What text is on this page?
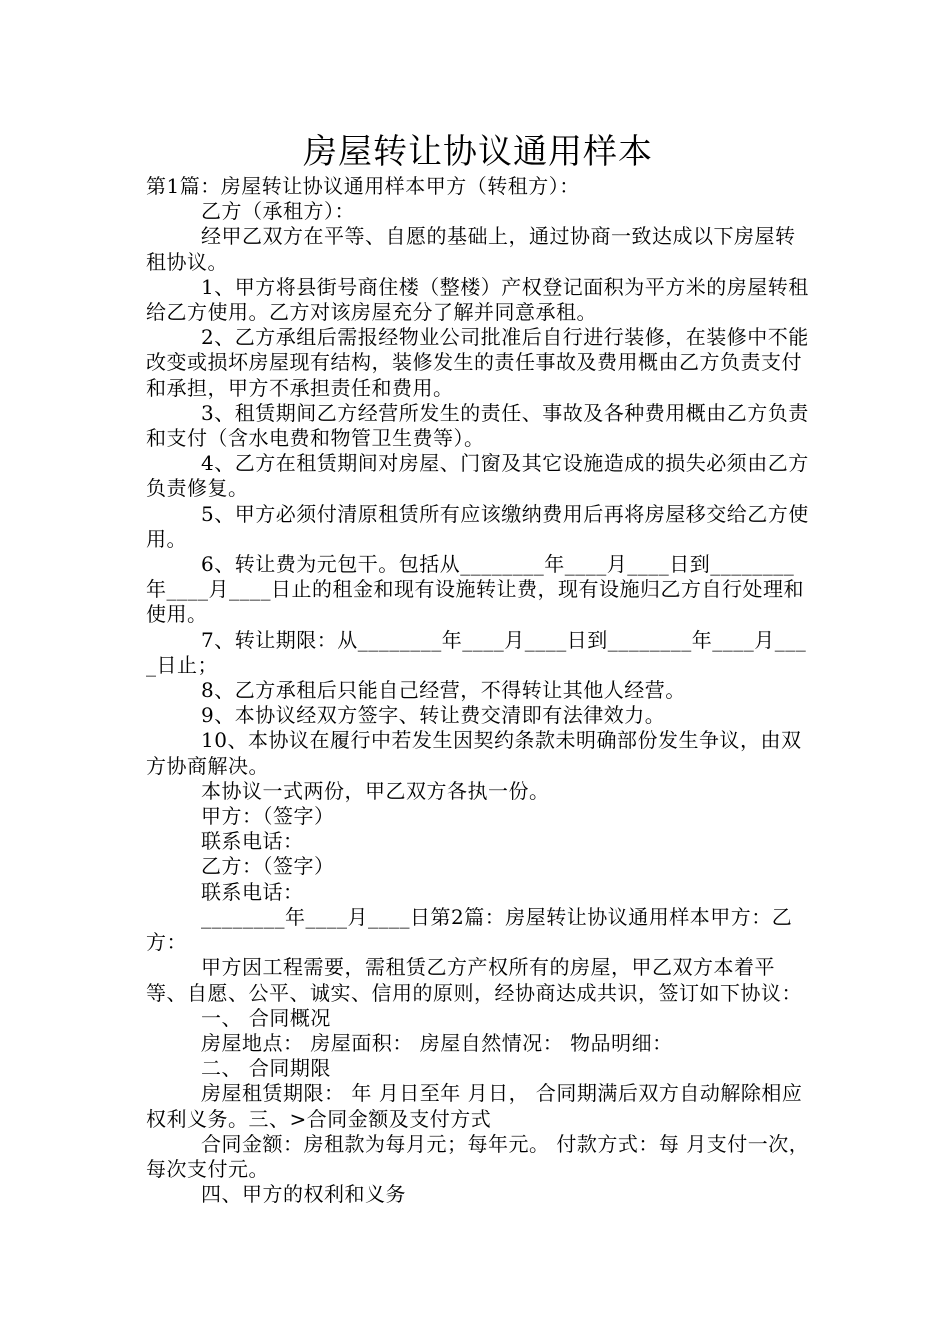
房屋转让协议通用样本

第1篇：房屋转让协议通用样本甲方（转租方）：

乙方（承租方）：

经甲乙双方在平等、自愿的基础上，通过协商一致达成以下房屋转租协议。

1、甲方将县街号商住楼（整楼）产权登记面积为平方米的房屋转租给乙方使用。乙方对该房屋充分了解并同意承租。

2、乙方承组后需报经物业公司批准后自行进行装修，在装修中不能改变或损坏房屋现有结构，装修发生的责任事故及费用概由乙方负责支付和承担，甲方不承担责任和费用。

3、租赁期间乙方经营所发生的责任、事故及各种费用概由乙方负责和支付（含水电费和物管卫生费等）。

4、乙方在租赁期间对房屋、门窗及其它设施造成的损失必须由乙方负责修复。

5、甲方必须付清原租赁所有应该缴纳费用后再将房屋移交给乙方使用。

6、转让费为元包干。包括从________年____月____日到________年____月____日止的租金和现有设施转让费，现有设施归乙方自行处理和使用。

7、转让期限：从________年____月____日到________年____月____日止；

8、乙方承租后只能自己经营，不得转让其他人经营。

9、本协议经双方签字、转让费交清即有法律效力。

10、本协议在履行中若发生因契约条款未明确部份发生争议，由双方协商解决。

本协议一式两份，甲乙双方各执一份。

甲方：（签字）

联系电话：

乙方：（签字）

联系电话：

________年____月____日第2篇：房屋转让协议通用样本甲方：乙方：

甲方因工程需要，需租赁乙方产权所有的房屋，甲乙双方本着平等、自愿、公平、诚实、信用的原则，经协商达成共识，签订如下协议：

一、 合同概况

房屋地点： 房屋面积： 房屋自然情况： 物品明细：

二、 合同期限

房屋租赁期限： 年 月日至年 月日， 合同期满后双方自动解除相应权利义务。三、>合同金额及支付方式

合同金额：房租款为每月元；每年元。 付款方式：每 月支付一次，每次支付元。

四、甲方的权利和义务
